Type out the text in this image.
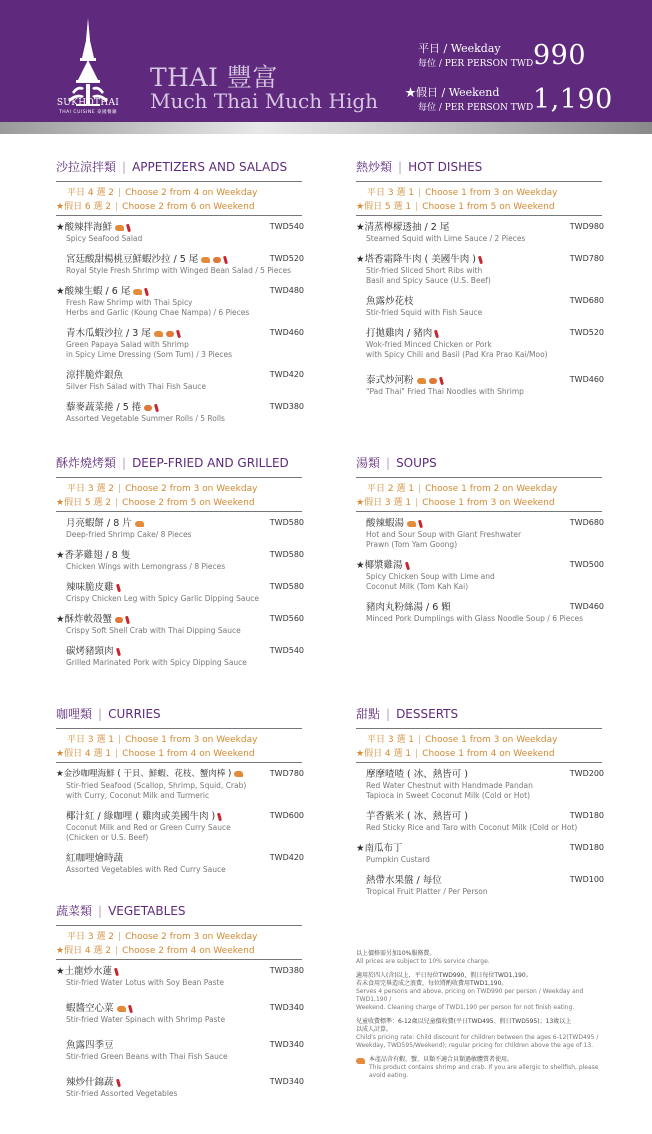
SUKHOTHAI
THAI CUISINE 泰國餐廳
THAI 豐富
Much Thai Much High
平日 / Weekday
每位 / PER PERSON TWD 990
★假日 / Weekend
每位 / PER PERSON TWD 1,190
沙拉涼拌類 | APPETIZERS AND SALADS
平日 4 選 2 | Choose 2 from 4 on Weekday
★假日 6 選 2 | Choose 2 from 6 on Weekend
★酸辣拌海鮮	TWD540
Spicy Seafood Salad
宮廷酸甜楊桃豆鮮蝦沙拉 / 5 尾	TWD520
Royal Style Fresh Shrimp with Winged Bean Salad / 5 Pieces
★酸辣生蝦 / 6 尾	TWD480
Fresh Raw Shrimp with Thai Spicy
Herbs and Garlic (Koung Chae Nampa) / 6 Pieces
青木瓜蝦沙拉 / 3 尾	TWD460
Green Papaya Salad with Shrimp
in Spicy Lime Dressing (Som Tum) / 3 Pieces
涼拌脆炸銀魚	TWD420
Silver Fish Salad with Thai Fish Sauce
藜麥蔬菜捲 / 5 捲	TWD380
Assorted Vegetable Summer Rolls / 5 Rolls
熱炒類 | HOT DISHES
平日 3 選 1 | Choose 1 from 3 on Weekday
★假日 5 選 1 | Choose 1 from 5 on Weekend
★清蒸檸檬透抽 / 2 尾	TWD980
Steamed Squid with Lime Sauce / 2 Pieces
★塔香霜降牛肉 ( 美國牛肉 )	TWD780
Stir-fried Sliced Short Ribs with
Basil and Spicy Sauce (U.S. Beef)
魚露炒花枝	TWD680
Stir-fried Squid with Fish Sauce
打拋雞肉 / 豬肉	TWD520
Wok-fried Minced Chicken or Pork
with Spicy Chili and Basil (Pad Kra Prao Kai/Moo)
泰式炒河粉	TWD460
"Pad Thai" Fried Thai Noodles with Shrimp
酥炸燒烤類 | DEEP-FRIED AND GRILLED
平日 3 選 2 | Choose 2 from 3 on Weekday
★假日 5 選 2 | Choose 2 from 5 on Weekend
月亮蝦餅 / 8 片	TWD580
Deep-fried Shrimp Cake/ 8 Pieces
★香茅雞翅 / 8 隻	TWD580
Chicken Wings with Lemongrass / 8 Pieces
辣味脆皮雞	TWD580
Crispy Chicken Leg with Spicy Garlic Dipping Sauce
★酥炸軟殼蟹	TWD560
Crispy Soft Shell Crab with Thai Dipping Sauce
碳烤豬頸肉	TWD540
Grilled Marinated Pork with Spicy Dipping Sauce
湯類 | SOUPS
平日 2 選 1 | Choose 1 from 2 on Weekday
★假日 3 選 1 | Choose 1 from 3 on Weekend
酸辣蝦湯	TWD680
Hot and Sour Soup with Giant Freshwater
Prawn (Tom Yam Goong)
★椰漿雞湯	TWD500
Spicy Chicken Soup with Lime and
Coconut Milk (Tom Kah Kai)
豬肉丸粉絲湯 / 6 顆	TWD460
Minced Pork Dumplings with Glass Noodle Soup / 6 Pieces
咖哩類 | CURRIES
平日 3 選 1 | Choose 1 from 3 on Weekday
★假日 4 選 1 | Choose 1 from 4 on Weekend
★金沙咖哩海鮮 ( 干貝、鮮蝦、花枝、蟹肉棒 )	TWD780
Stir-fried Seafood (Scallop, Shrimp, Squid, Crab)
with Curry, Coconut Milk and Turmeric
椰汁紅 / 綠咖哩 ( 雞肉或美國牛肉 )	TWD600
Coconut Milk and Red or Green Curry Sauce
(Chicken or U.S. Beef)
紅咖哩燴時蔬	TWD420
Assorted Vegetables with Red Curry Sauce
甜點 | DESSERTS
平日 3 選 1 | Choose 1 from 3 on Weekday
★假日 4 選 1 | Choose 1 from 4 on Weekend
摩摩喳喳 ( 冰、熱皆可 )	TWD200
Red Water Chestnut with Handmade Pandan
Tapioca in Sweet Coconut Milk (Cold or Hot)
芋香紫米 ( 冰、熱皆可 )	TWD180
Red Sticky Rice and Taro with Coconut Milk (Cold or Hot)
★南瓜布丁	TWD180
Pumpkin Custard
熱帶水果盤 / 每位	TWD100
Tropical Fruit Platter / Per Person
蔬菜類 | VEGETABLES
平日 3 選 2 | Choose 2 from 3 on Weekday
★假日 4 選 2 | Choose 2 from 4 on Weekend
★土龍炒水蓮	TWD380
Stir-fried Water Lotus with Soy Bean Paste
蝦醬空心菜	TWD340
Stir-fried Water Spinach with Shrimp Paste
魚露四季豆	TWD340
Stir-fried Green Beans with Thai Fish Sauce
辣炒什錦蔬	TWD340
Stir-fried Assorted Vegetables
以上價格需另加10%服務費。
All prices are subject to 10% service charge.
適用於四人(含)以上，平日每位TWD990，假日每位TWD1,190。
若未食用完畢造成之浪費，每位將酌收費用TWD1,190。
Serves 4 persons and above, pricing on TWD990 per person / Weekday and TWD1,190 /
Weekend. Cleaning charge of TWD1,190 per person for not finish eating.
兒童收費標準：6-12歲以兒童價收費(平日TWD495、假日TWD595)；13歲以上
以成人計算。
Child's pricing rate: Child discount for children between the ages 6-12(TWD495 /
Weekday, TWD595/Weekend); regular pricing for children above the age of 13.
本產品含有蝦、蟹、貝類不適合貝類過敏體質者使用。
This product contains shrimp and crab. If you are allergic to shellfish, please avoid eating.
